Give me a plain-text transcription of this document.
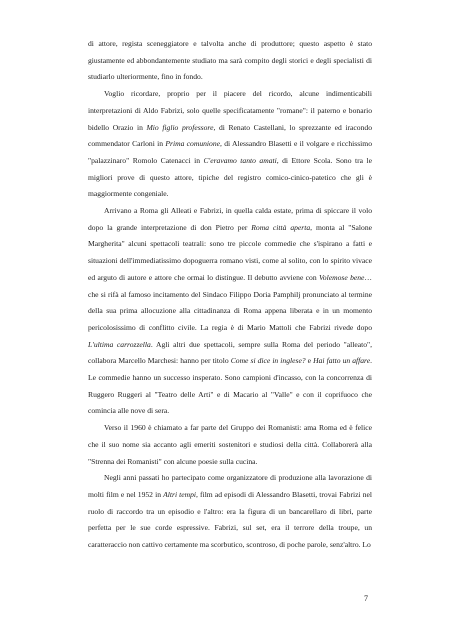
di attore, regista sceneggiatore e talvolta anche di produttore; questo aspetto è stato giustamente ed abbondantemente studiato ma sarà compito degli storici e degli specialisti di studiarlo ulteriormente, fino in fondo.

Voglio ricordare, proprio per il piacere del ricordo, alcune indimenticabili interpretazioni di Aldo Fabrizi, solo quelle specificatamente "romane": il paterno e bonario bidello Orazio in Mio figlio professore, di Renato Castellani, lo sprezzante ed iracondo commendator Carloni in Prima comunione, di Alessandro Blasetti e il volgare e ricchissimo "palazzinaro" Romolo Catenacci in C'eravamo tanto amati, di Ettore Scola. Sono tra le migliori prove di questo attore, tipiche del registro comico-cinico-patetico che gli è maggiormente congeniale.

Arrivano a Roma gli Alleati e Fabrizi, in quella calda estate, prima di spiccare il volo dopo la grande interpretazione di don Pietro per Roma città aperta, monta al "Salone Margherita" alcuni spettacoli teatrali: sono tre piccole commedie che s'ispirano a fatti e situazioni dell'immediatissimo dopoguerra romano visti, come al solito, con lo spirito vivace ed arguto di autore e attore che ormai lo distingue. Il debutto avviene con Volemose bene…che si rifà al famoso incitamento del Sindaco Filippo Doria Pamphilj pronunciato al termine della sua prima allocuzione alla cittadinanza di Roma appena liberata e in un momento pericolosissimo di conflitto civile. La regia è di Mario Mattoli che Fabrizi rivede dopo L'ultima carrozzella. Agli altri due spettacoli, sempre sulla Roma del periodo "alleato", collabora Marcello Marchesi: hanno per titolo Come si dice in inglese? e Hai fatto un affare. Le commedie hanno un successo insperato. Sono campioni d'incasso, con la concorrenza di Ruggero Ruggeri al "Teatro delle Arti" e di Macario al "Valle" e con il coprifuoco che comincia alle nove di sera.

Verso il 1960 è chiamato a far parte del Gruppo dei Romanisti: ama Roma ed è felice che il suo nome sia accanto agli emeriti sostenitori e studiosi della città. Collaborerà alla "Strenna dei Romanisti" con alcune poesie sulla cucina.

Negli anni passati ho partecipato come organizzatore di produzione alla lavorazione di molti film e nel 1952 in Altri tempi, film ad episodi di Alessandro Blasetti, trovai Fabrizi nel ruolo di raccordo tra un episodio e l'altro: era la figura di un bancarellaro di libri, parte perfetta per le sue corde espressive. Fabrizi, sul set, era il terrore della troupe, un caratteraccio non cattivo certamente ma scorbutico, scontroso, di poche parole, senz'altro. Lo

7
